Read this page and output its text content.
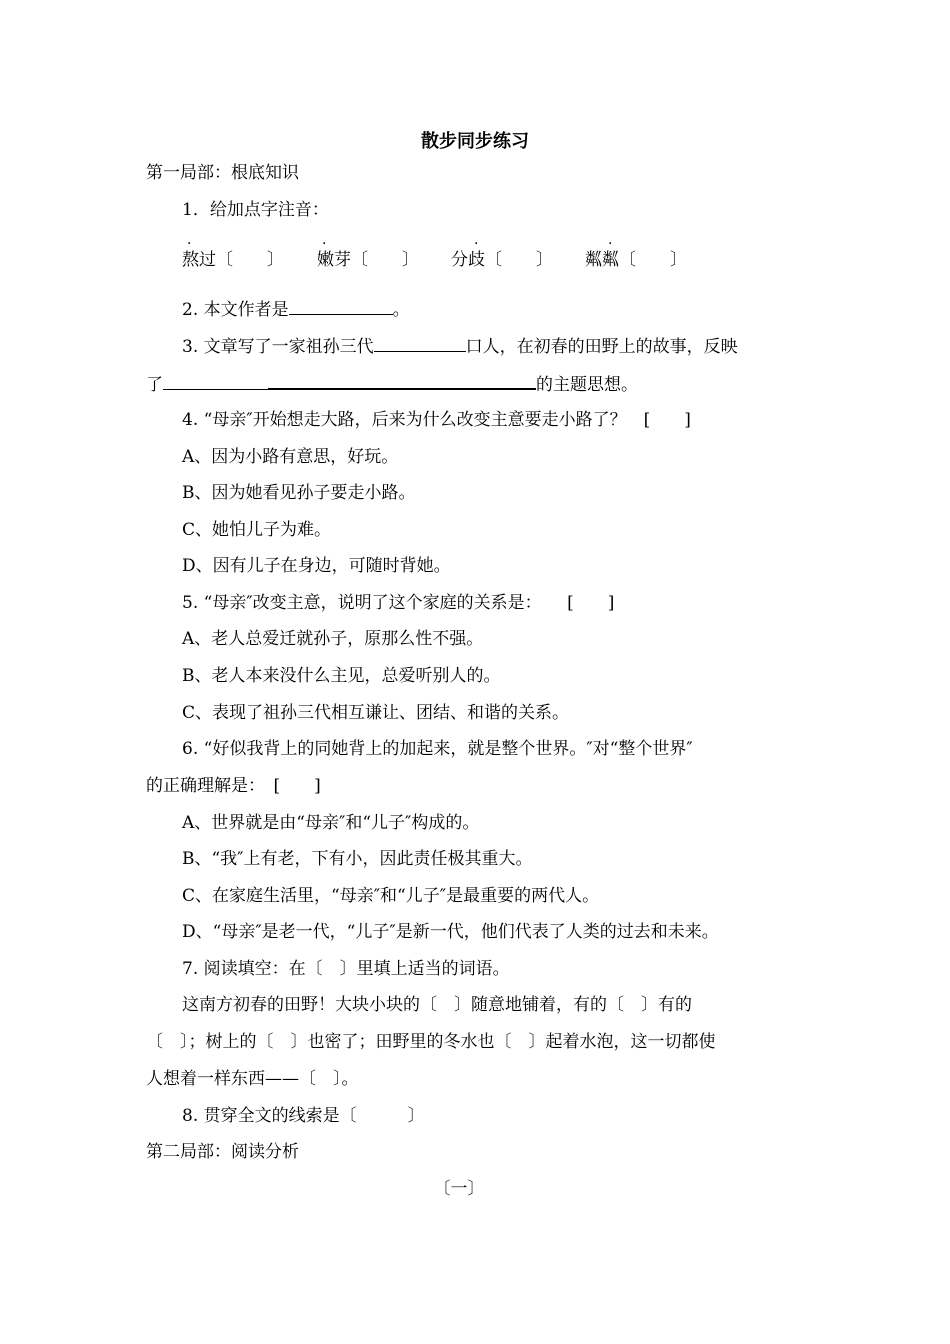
散步同步练习
第一局部：根底知识
1．给加点字注音：
·
熬过〔　　〕
·
嫩芽〔　　〕
·
分歧〔　　〕
·
粼粼〔　　〕
2. 本文作者是	。
3. 文章写了一家祖孙三代	口人，在初春的田野上的故事，反映
了	的主题思想。
4. “母亲″开始想走大路，后来为什么改变主意要走小路了？　[　　]
A、因为小路有意思，好玩。
B、因为她看见孙子要走小路。
C、她怕儿子为难。
D、因有儿子在身边，可随时背她。
5. “母亲″改变主意，说明了这个家庭的关系是：　　[　　]
A、老人总爱迁就孙子，原那么性不强。
B、老人本来没什么主见，总爱听别人的。
C、表现了祖孙三代相互谦让、团结、和谐的关系。
6. “好似我背上的同她背上的加起来，就是整个世界。″对“整个世界″
的正确理解是：　[　　]
A、世界就是由“母亲″和“儿子″构成的。
B、“我″上有老，下有小，因此责任极其重大。
C、在家庭生活里，“母亲″和“儿子″是最重要的两代人。
D、“母亲″是老一代，“儿子″是新一代，他们代表了人类的过去和未来。
7. 阅读填空：在〔　〕里填上适当的词语。
这南方初春的田野！大块小块的〔　〕随意地铺着，有的〔　〕有的
〔　〕；树上的〔　〕也密了；田野里的冬水也〔　〕起着水泡，这一切都使
人想着一样东西——〔　〕。
8. 贯穿全文的线索是〔　　　〕
第二局部：阅读分析
〔一〕
